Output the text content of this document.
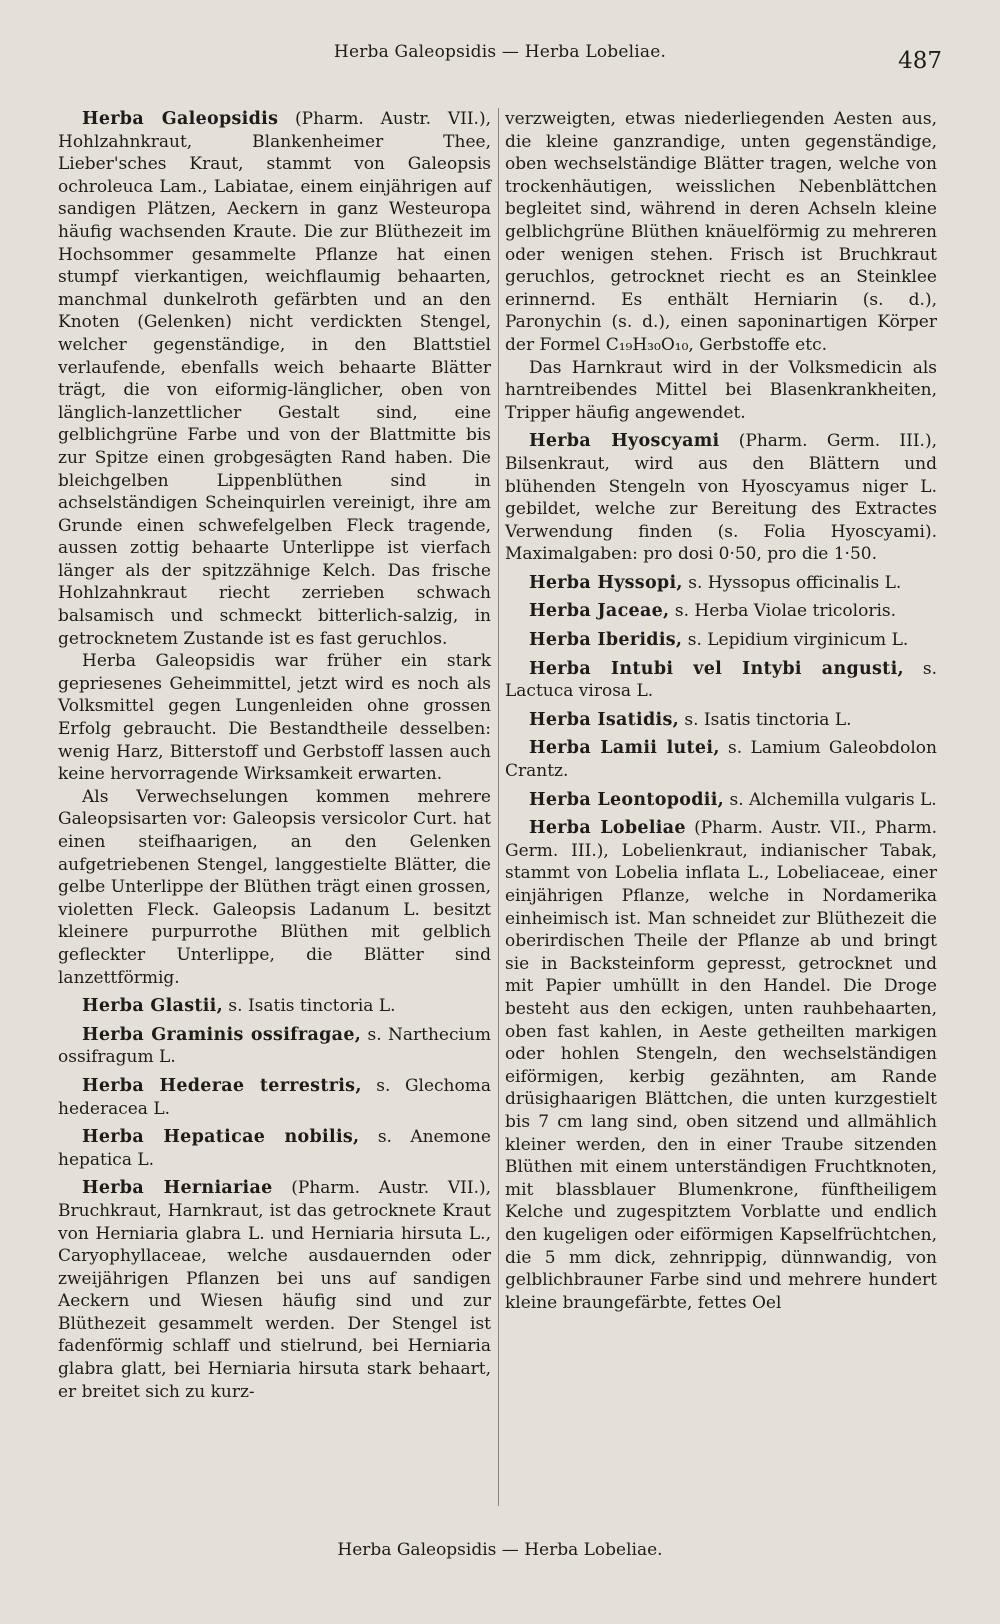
Herba Galeopsidis — Herba Lobeliae.	487

Herba Galeopsidis (Pharm. Austr. VII.), Hohlzahnkraut, Blankenheimer Thee, Lieber'sches Kraut, stammt von Galeopsis ochroleuca Lam., Labiatae, einem einjährigen auf sandigen Plätzen, Aeckern in ganz Westeuropa häufig wachsenden Kraute. Die zur Blüthezeit im Hochsommer gesammelte Pflanze hat einen stumpf vierkantigen, weichflaumig behaarten, manchmal dunkelroth gefärbten und an den Knoten (Gelenken) nicht verdickten Stengel, welcher gegenständige, in den Blattstiel verlaufende, ebenfalls weich behaarte Blätter trägt, die von eiformig-länglicher, oben von länglich-lanzettlicher Gestalt sind, eine gelblichgrüne Farbe und von der Blattmitte bis zur Spitze einen grobgesägten Rand haben. Die bleichgelben Lippenblüthen sind in achselständigen Scheinquirlen vereinigt, ihre am Grunde einen schwefelgelben Fleck tragende, aussen zottig behaarte Unterlippe ist vierfach länger als der spitzzähnige Kelch. Das frische Hohlzahnkraut riecht zerrieben schwach balsamisch und schmeckt bitterlich-salzig, in getrocknetem Zustande ist es fast geruchlos.

Herba Galeopsidis war früher ein stark gepriesenes Geheimmittel, jetzt wird es noch als Volksmittel gegen Lungenleiden ohne grossen Erfolg gebraucht. Die Bestandtheile desselben: wenig Harz, Bitterstoff und Gerbstoff lassen auch keine hervorragende Wirksamkeit erwarten.

Als Verwechselungen kommen mehrere Galeopsisarten vor: Galeopsis versicolor Curt. hat einen steifhaarigen, an den Gelenken aufgetriebenen Stengel, langgestielte Blätter, die gelbe Unterlippe der Blüthen trägt einen grossen, violetten Fleck. Galeopsis Ladanum L. besitzt kleinere purpurrothe Blüthen mit gelblich gefleckter Unterlippe, die Blätter sind lanzettförmig.

Herba Glastii, s. Isatis tinctoria L.

Herba Graminis ossifragae, s. Narthecium ossifragum L.

Herba Hederae terrestris, s. Glechoma hederacea L.

Herba Hepaticae nobilis, s. Anemone hepatica L.

Herba Herniariae (Pharm. Austr. VII.), Bruchkraut, Harnkraut, ist das getrocknete Kraut von Herniaria glabra L. und Herniaria hirsuta L., Caryophyllaceae, welche ausdauernden oder zweijährigen Pflanzen bei uns auf sandigen Aeckern und Wiesen häufig sind und zur Blüthezeit gesammelt werden. Der Stengel ist fadenförmig schlaff und stielrund, bei Herniaria glabra glatt, bei Herniaria hirsuta stark behaart, er breitet sich zu kurz-

verzweigten, etwas niederliegenden Aesten aus, die kleine ganzrandige, unten gegenständige, oben wechselständige Blätter tragen, welche von trockenhäutigen, weisslichen Nebenblättchen begleitet sind, während in deren Achseln kleine gelblichgrüne Blüthen knäuelförmig zu mehreren oder wenigen stehen. Frisch ist Bruchkraut geruchlos, getrocknet riecht es an Steinklee erinnernd. Es enthält Herniarin (s. d.), Paronychin (s. d.), einen saponinartigen Körper der Formel C₁₉H₃₀O₁₀, Gerbstoffe etc.

Das Harnkraut wird in der Volksmedicin als harntreibendes Mittel bei Blasenkrankheiten, Tripper häufig angewendet.

Herba Hyoscyami (Pharm. Germ. III.), Bilsenkraut, wird aus den Blättern und blühenden Stengeln von Hyoscyamus niger L. gebildet, welche zur Bereitung des Extractes Verwendung finden (s. Folia Hyoscyami). Maximalgaben: pro dosi 0·50, pro die 1·50.

Herba Hyssopi, s. Hyssopus officinalis L.

Herba Jaceae, s. Herba Violae tricoloris.

Herba Iberidis, s. Lepidium virginicum L.

Herba Intubi vel Intybi angusti, s. Lactuca virosa L.

Herba Isatidis, s. Isatis tinctoria L.

Herba Lamii lutei, s. Lamium Galeobdolon Crantz.

Herba Leontopodii, s. Alchemilla vulgaris L.

Herba Lobeliae (Pharm. Austr. VII., Pharm. Germ. III.), Lobelienkraut, indianischer Tabak, stammt von Lobelia inflata L., Lobeliaceae, einer einjährigen Pflanze, welche in Nordamerika einheimisch ist. Man schneidet zur Blüthezeit die oberirdischen Theile der Pflanze ab und bringt sie in Backsteinform gepresst, getrocknet und mit Papier umhüllt in den Handel. Die Droge besteht aus den eckigen, unten rauhbehaarten, oben fast kahlen, in Aeste getheilten markigen oder hohlen Stengeln, den wechselständigen eiförmigen, kerbig gezähnten, am Rande drüsighaarigen Blättchen, die unten kurzgestielt bis 7 cm lang sind, oben sitzend und allmählich kleiner werden, den in einer Traube sitzenden Blüthen mit einem unterständigen Fruchtknoten, mit blassblauer Blumenkrone, fünftheiligem Kelche und zugespitztem Vorblatte und endlich den kugeligen oder eiförmigen Kapselfrüchtchen, die 5 mm dick, zehnrippig, dünnwandig, von gelblichbrauner Farbe sind und mehrere hundert kleine braungefärbte, fettes Oel

Herba Galeopsidis — Herba Lobeliae.
